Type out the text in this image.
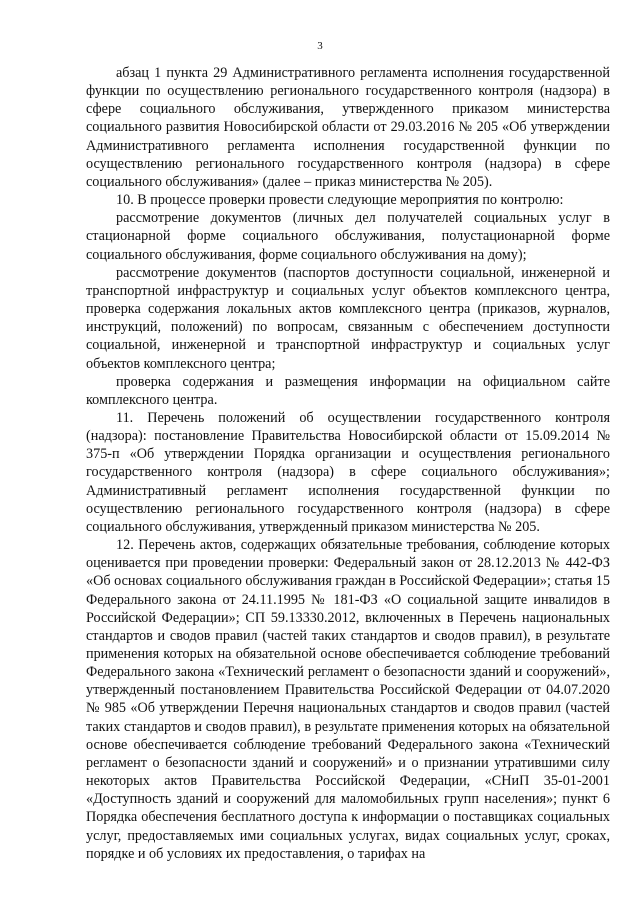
3

абзац 1 пункта 29 Административного регламента исполнения государственной функции по осуществлению регионального государственного контроля (надзора) в сфере социального обслуживания, утвержденного приказом министерства социального развития Новосибирской области от 29.03.2016 № 205 «Об утверждении Административного регламента исполнения государственной функции по осуществлению регионального государственного контроля (надзора) в сфере социального обслуживания» (далее – приказ министерства № 205).

10. В процессе проверки провести следующие мероприятия по контролю:

рассмотрение документов (личных дел получателей социальных услуг в стационарной форме социального обслуживания, полустационарной форме социального обслуживания, форме социального обслуживания на дому);

рассмотрение документов (паспортов доступности социальной, инженерной и транспортной инфраструктур и социальных услуг объектов комплексного центра, проверка содержания локальных актов комплексного центра (приказов, журналов, инструкций, положений) по вопросам, связанным с обеспечением доступности социальной, инженерной и транспортной инфраструктур и социальных услуг объектов комплексного центра;

проверка содержания и размещения информации на официальном сайте комплексного центра.

11. Перечень положений об осуществлении государственного контроля (надзора): постановление Правительства Новосибирской области от 15.09.2014 № 375-п «Об утверждении Порядка организации и осуществления регионального государственного контроля (надзора) в сфере социального обслуживания»; Административный регламент исполнения государственной функции по осуществлению регионального государственного контроля (надзора) в сфере социального обслуживания, утвержденный приказом министерства № 205.

12. Перечень актов, содержащих обязательные требования, соблюдение которых оценивается при проведении проверки: Федеральный закон от 28.12.2013 № 442-ФЗ «Об основах социального обслуживания граждан в Российской Федерации»; статья 15 Федерального закона от 24.11.1995 № 181-ФЗ «О социальной защите инвалидов в Российской Федерации»; СП 59.13330.2012, включенных в Перечень национальных стандартов и сводов правил (частей таких стандартов и сводов правил), в результате применения которых на обязательной основе обеспечивается соблюдение требований Федерального закона «Технический регламент о безопасности зданий и сооружений», утвержденный постановлением Правительства Российской Федерации от 04.07.2020 № 985 «Об утверждении Перечня национальных стандартов и сводов правил (частей таких стандартов и сводов правил), в результате применения которых на обязательной основе обеспечивается соблюдение требований Федерального закона «Технический регламент о безопасности зданий и сооружений» и о признании утратившими силу некоторых актов Правительства Российской Федерации, «СНиП 35-01-2001 «Доступность зданий и сооружений для маломобильных групп населения»; пункт 6 Порядка обеспечения бесплатного доступа к информации о поставщиках социальных услуг, предоставляемых ими социальных услугах, видах социальных услуг, сроках, порядке и об условиях их предоставления, о тарифах на
